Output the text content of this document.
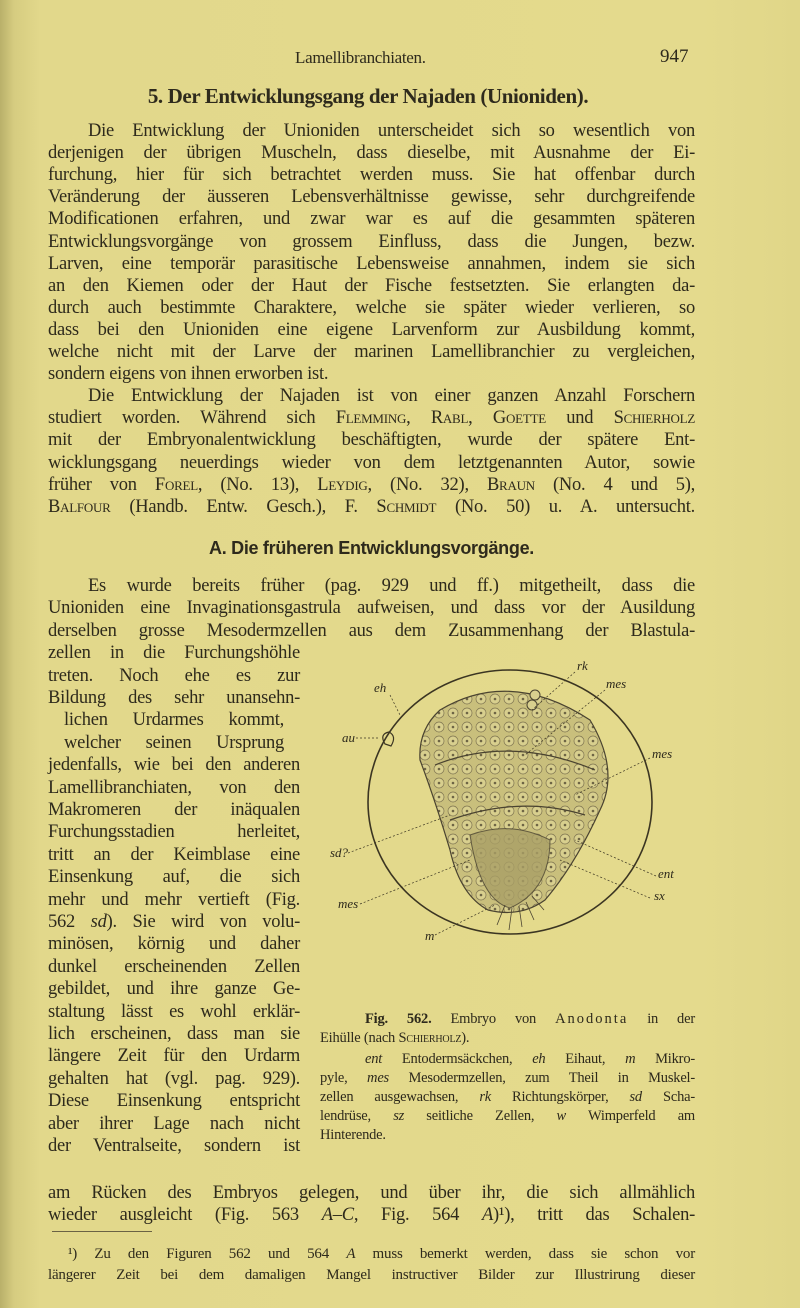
Lamellibranchiaten.	947
5. Der Entwicklungsgang der Najaden (Unioniden).
Die Entwicklung der Unioniden unterscheidet sich so wesentlich von
derjenigen der übrigen Muscheln, dass dieselbe, mit Ausnahme der Ei-
furchung, hier für sich betrachtet werden muss. Sie hat offenbar durch
Veränderung der äusseren Lebensverhältnisse gewisse, sehr durchgreifende
Modificationen erfahren, und zwar war es auf die gesammten späteren
Entwicklungsvorgänge von grossem Einfluss, dass die Jungen, bezw.
Larven, eine temporär parasitische Lebensweise annahmen, indem sie sich
an den Kiemen oder der Haut der Fische festsetzten. Sie erlangten da-
durch auch bestimmte Charaktere, welche sie später wieder verlieren, so
dass bei den Unioniden eine eigene Larvenform zur Ausbildung kommt,
welche nicht mit der Larve der marinen Lamellibranchier zu vergleichen,
sondern eigens von ihnen erworben ist.
Die Entwicklung der Najaden ist von einer ganzen Anzahl Forschern
studiert worden. Während sich Flemming, Rabl, Goette und Schierholz
mit der Embryonalentwicklung beschäftigten, wurde der spätere Ent-
wicklungsgang neuerdings wieder von dem letztgenannten Autor, sowie
früher von Forel, (No. 13), Leydig, (No. 32), Braun (No. 4 und 5),
Balfour (Handb. Entw. Gesch.), F. Schmidt (No. 50) u. A. untersucht.
A. Die früheren Entwicklungsvorgänge.
Es wurde bereits früher (pag. 929 und ff.) mitgetheilt, dass die
Unioniden eine Invaginationsgastrula aufweisen, und dass vor der Ausildung
derselben grosse Mesodermzellen aus dem Zusammenhang der Blastula-
zellen in die Furchungshöhle
treten. Noch ehe es zur
Bildung des sehr unansehn-
lichen Urdarmes kommt,
welcher seinen Ursprung
jedenfalls, wie bei den anderen
Lamellibranchiaten, von den
Makromeren der inäqualen
Furchungsstadien herleitet,
tritt an der Keimblase eine
Einsenkung auf, die sich
mehr und mehr vertieft (Fig.
562 sd). Sie wird von volu-
minösen, körnig und daher
dunkel erscheinenden Zellen
gebildet, und ihre ganze Ge-
staltung lässt es wohl erklär-
lich erscheinen, dass man sie
längere Zeit für den Urdarm
gehalten hat (vgl. pag. 929).
Diese Einsenkung entspricht
aber ihrer Lage nach nicht
der Ventralseite, sondern ist
am Rücken des Embryos gelegen, und über ihr, die sich allmählich
wieder ausgleicht (Fig. 563 A–C, Fig. 564 A)¹), tritt das Schalen-
rk
eh	mes
au
mes
sd?
ent
sx
mes
m
Fig. 562. Embryo von Anodonta in der
Eihülle (nach Schierholz).
ent Entodermsäckchen, eh Eihaut, m Mikro-
pyle, mes Mesodermzellen, zum Theil in Muskel-
zellen ausgewachsen, rk Richtungskörper, sd Scha-
lendrüse, sz seitliche Zellen, w Wimperfeld am
Hinterende.
¹) Zu den Figuren 562 und 564 A muss bemerkt werden, dass sie schon vor
längerer Zeit bei dem damaligen Mangel instructiver Bilder zur Illustrirung dieser
